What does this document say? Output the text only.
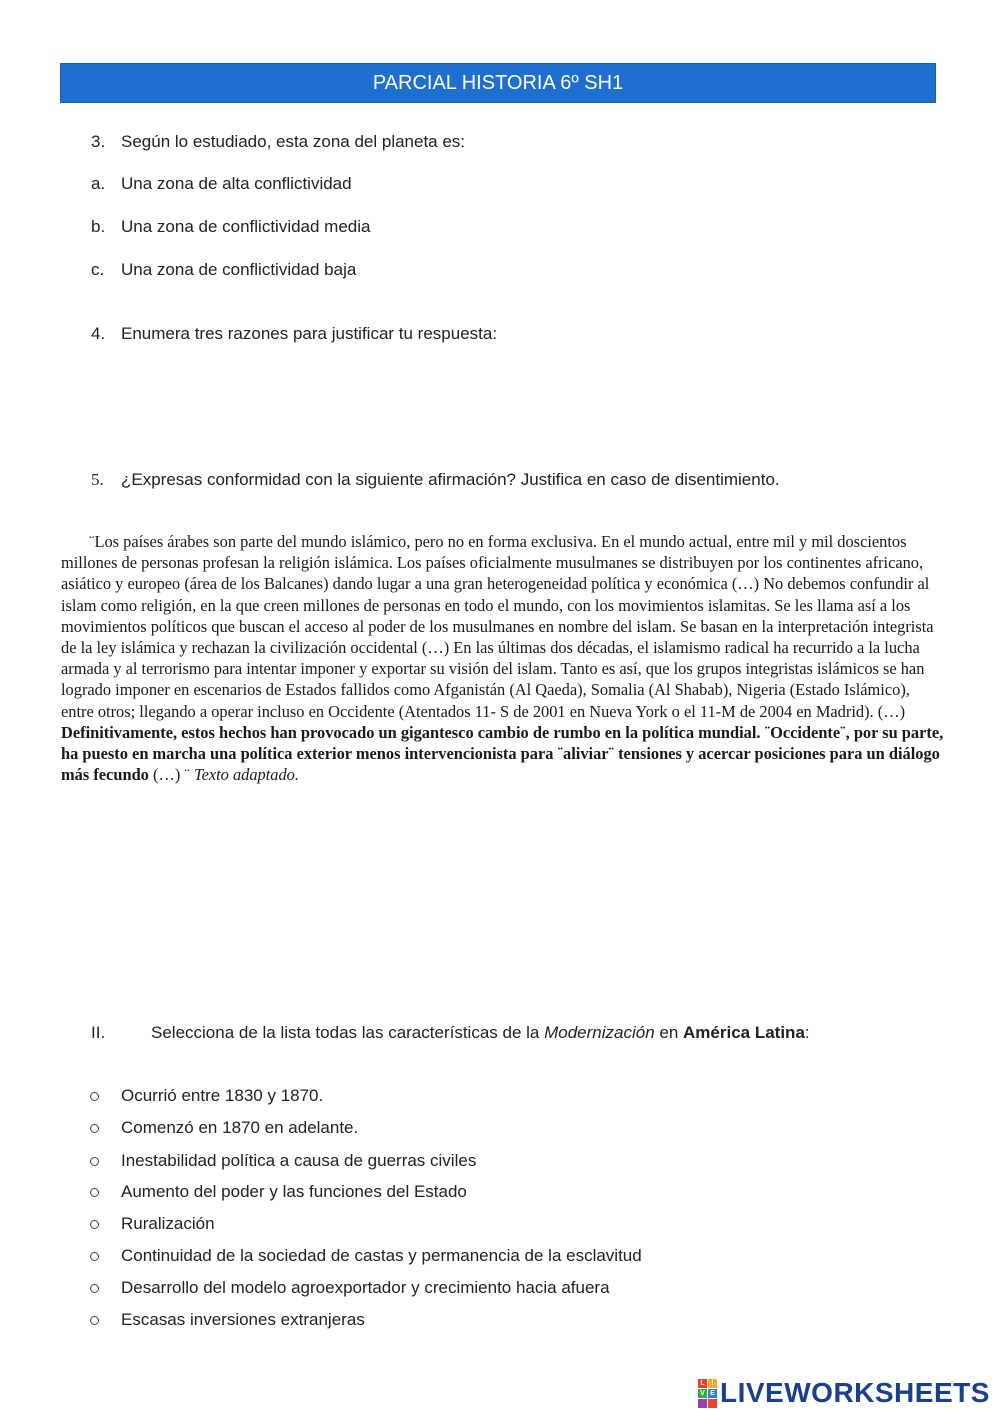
PARCIAL HISTORIA 6º SH1
3. Según lo estudiado, esta zona del planeta es:
a. Una zona de alta conflictividad
b. Una zona de conflictividad media
c. Una zona de conflictividad baja
4. Enumera tres razones para justificar tu respuesta:
5. ¿Expresas conformidad con la siguiente afirmación? Justifica en caso de disentimiento.
¨Los países árabes son parte del mundo islámico, pero no en forma exclusiva. En el mundo actual, entre mil y mil doscientos millones de personas profesan la religión islámica. Los países oficialmente musulmanes se distribuyen por los continentes africano, asiático y europeo (área de los Balcanes) dando lugar a una gran heterogeneidad política y económica (…) No debemos confundir al islam como religión, en la que creen millones de personas en todo el mundo, con los movimientos islamitas. Se les llama así a los movimientos políticos que buscan el acceso al poder de los musulmanes en nombre del islam. Se basan en la interpretación integrista de la ley islámica y rechazan la civilización occidental (…) En las últimas dos décadas, el islamismo radical ha recurrido a la lucha armada y al terrorismo para intentar imponer y exportar su visión del islam. Tanto es así, que los grupos integristas islámicos se han logrado imponer en escenarios de Estados fallidos como Afganistán (Al Qaeda), Somalia (Al Shabab), Nigeria (Estado Islámico), entre otros; llegando a operar incluso en Occidente (Atentados 11- S de 2001 en Nueva York o el 11-M de 2004 en Madrid). (…) Definitivamente, estos hechos han provocado un gigantesco cambio de rumbo en la política mundial. ¨Occidente¨, por su parte, ha puesto en marcha una política exterior menos intervencionista para ¨aliviar¨ tensiones y acercar posiciones para un diálogo más fecundo (…) ¨ Texto adaptado.
II.	Selecciona de la lista todas las características de la Modernización en América Latina:
Ocurrió entre 1830 y 1870.
Comenzó en 1870 en adelante.
Inestabilidad política a causa de guerras civiles
Aumento del poder y las funciones del Estado
Ruralización
Continuidad de la sociedad de castas y permanencia de la esclavitud
Desarrollo del modelo agroexportador y crecimiento hacia afuera
Escasas inversiones extranjeras
L I
V E LIVEWORKSHEETS
